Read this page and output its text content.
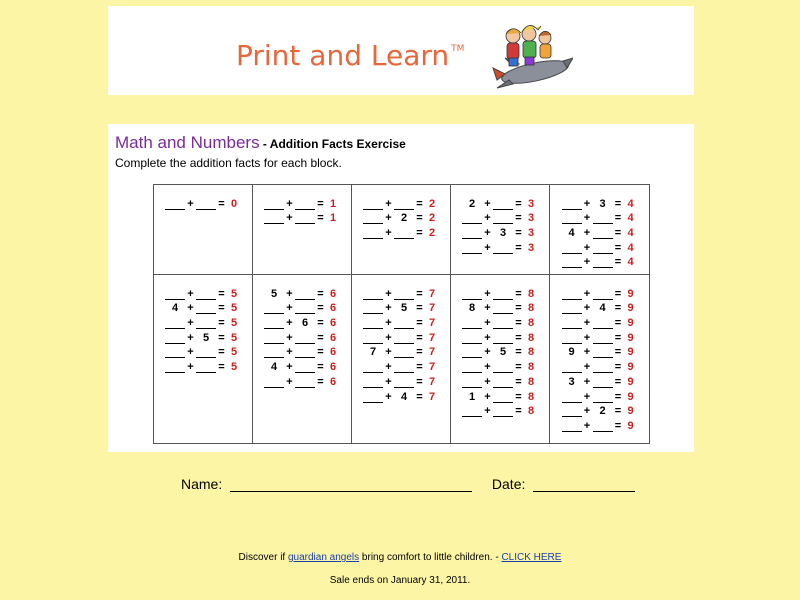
Print and Learn ™
Math and Numbers - Addition Facts Exercise
Complete the addition facts for each block.
+ = 0	+ = 1
+ = 1
+ = 2
+ 2 = 2
+ = 2
2 + = 3
+ = 3
+ 3 = 3
+ = 3
+ 3 = 4
+ = 4
4 + = 4
+ = 4
+ = 4
+ = 5
4 + = 5
+ = 5
+ 5 = 5
+ = 5
+ = 5
5 + = 6
+ = 6
+ 6 = 6
+ = 6
+ = 6
4 + = 6
+ = 6
+ = 7
+ 5 = 7
+ = 7
+ = 7
7 + = 7
+ = 7
+ = 7
+ 4 = 7
+ = 8
8 + = 8
+ = 8
+ = 8
+ 5 = 8
+ = 8
+ = 8
1 + = 8
+ = 8
+ = 9
+ 4 = 9
+ = 9
+ = 9
9 + = 9
+ = 9
3 + = 9
+ = 9
+ 2 = 9
+ = 9
Name:	Date:
Discover if guardian angels bring comfort to little children. - CLICK HERE
Sale ends on January 31, 2011.
